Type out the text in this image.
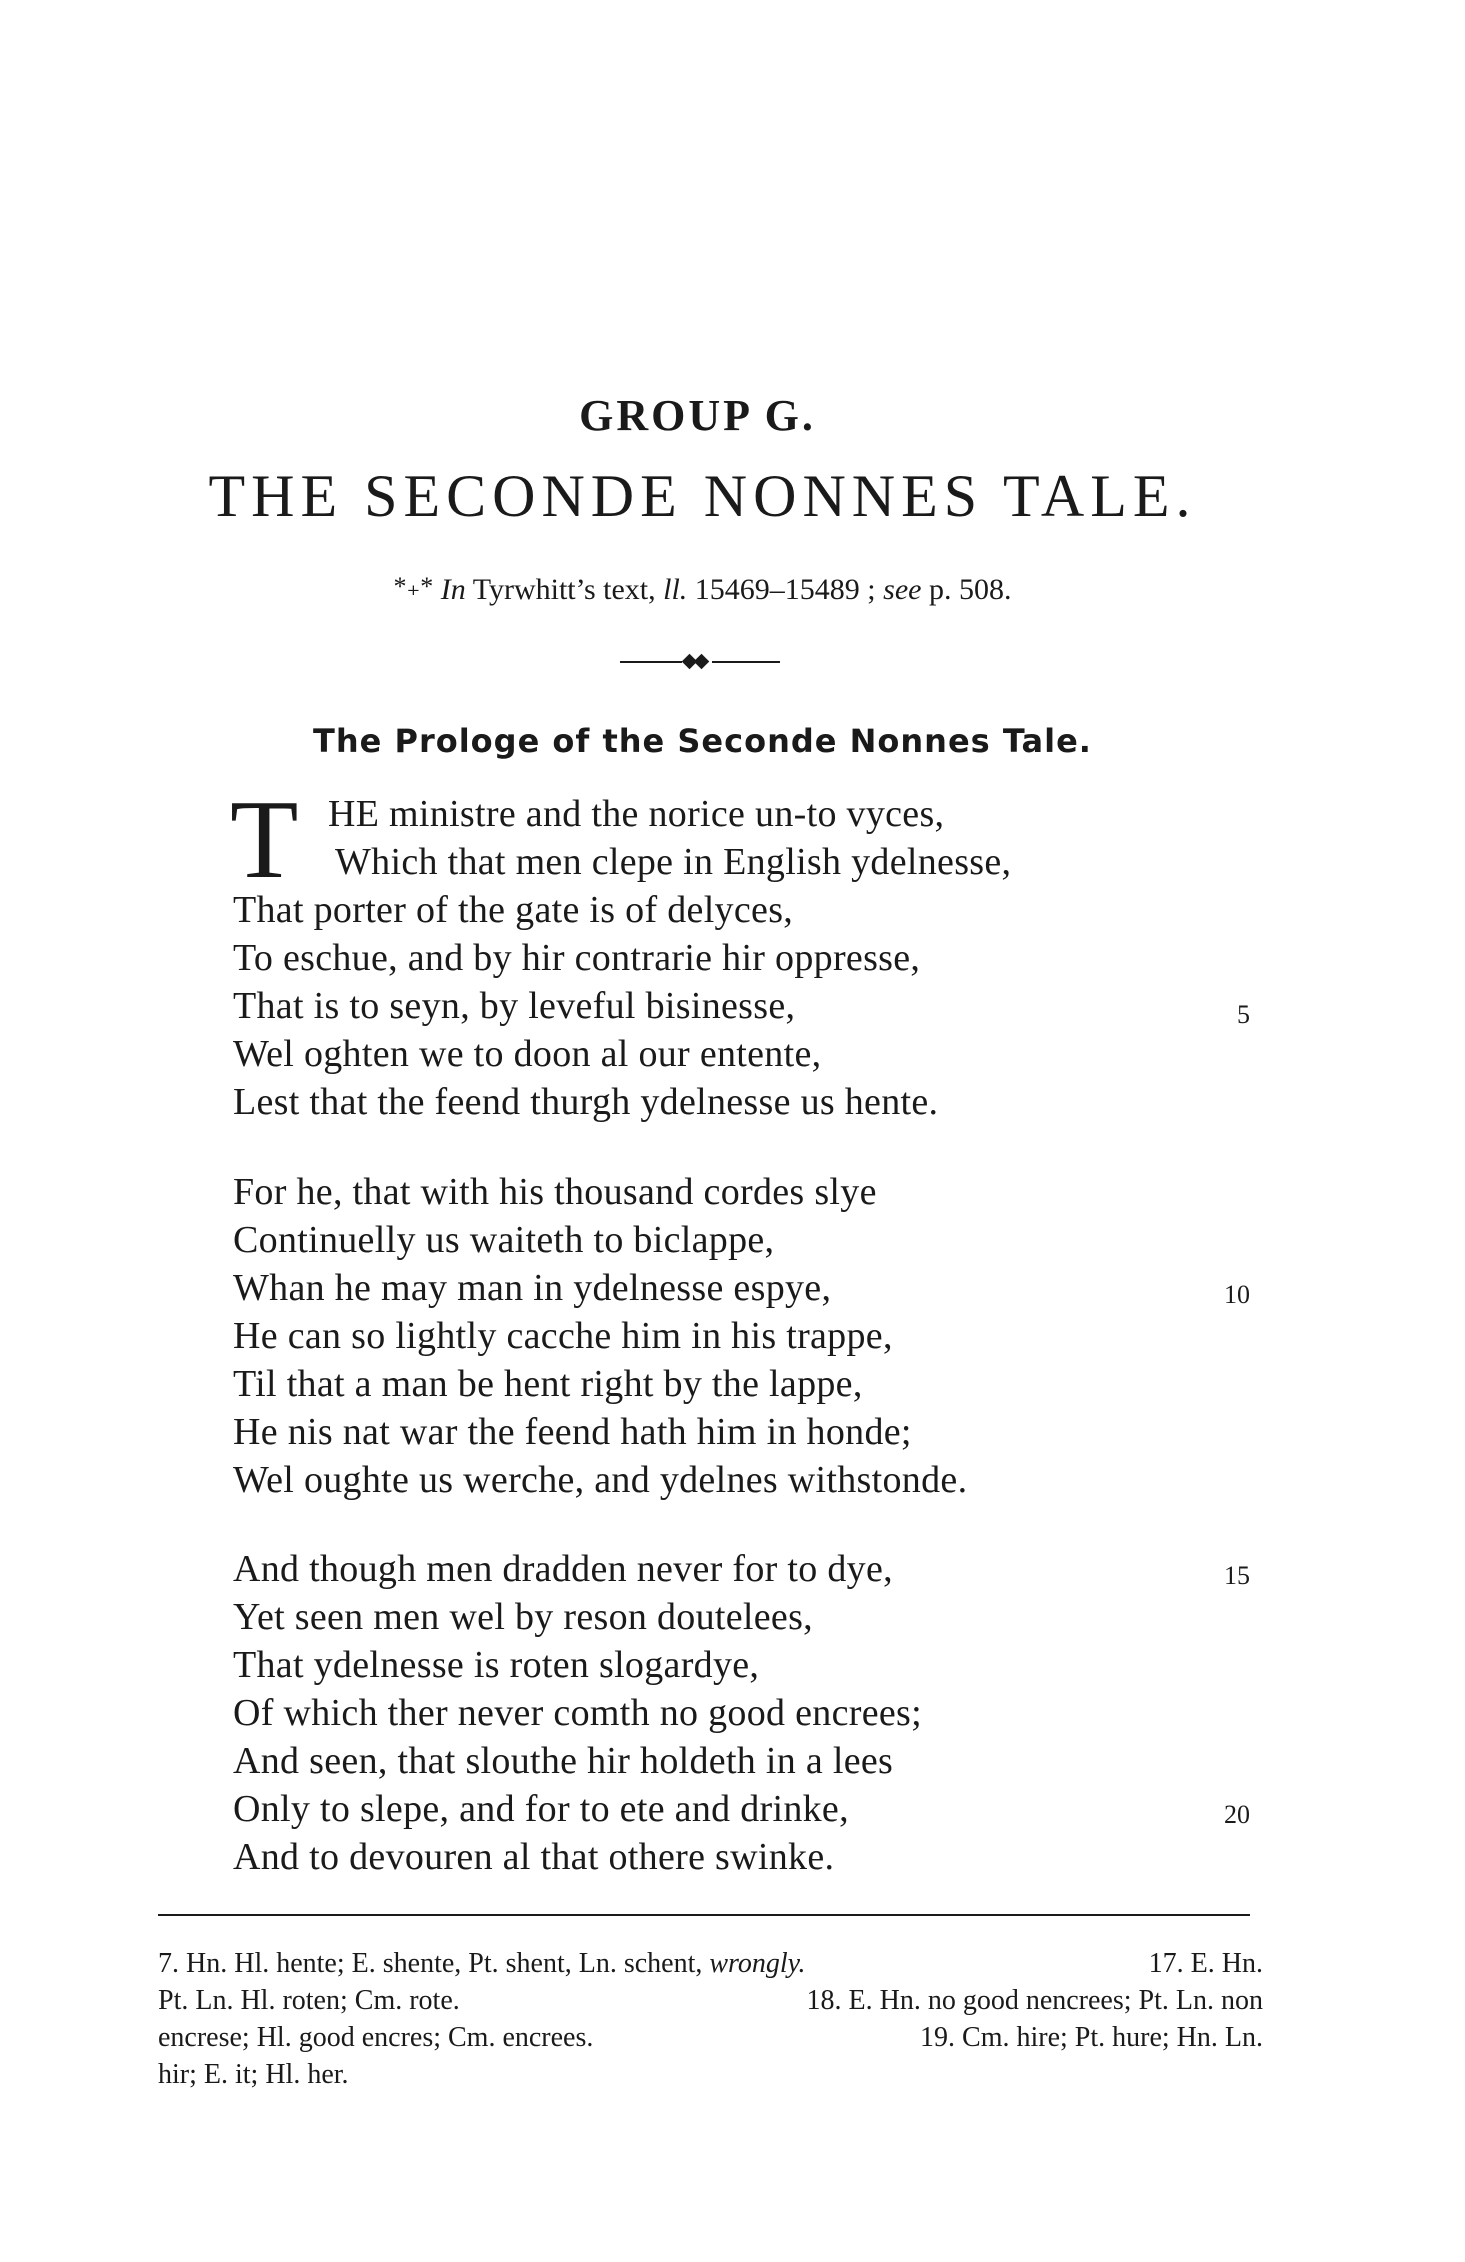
GROUP G.
THE SECONDE NONNES TALE.
*₊* In Tyrwhitt’s text, ll. 15469–15489 ; see p. 508.
The Prologe of the Seconde Nonnes Tale.
T HE ministre and the norice un-to vyces,
Which that men clepe in English ydelnesse,
That porter of the gate is of delyces,
To eschue, and by hir contrarie hir oppresse,
That is to seyn, by leveful bisinesse,
Wel oghten we to doon al our entente,
Lest that the feend thurgh ydelnesse us hente.
For he, that with his thousand cordes slye
Continuelly us waiteth to biclappe,
Whan he may man in ydelnesse espye,
He can so lightly cacche him in his trappe,
Til that a man be hent right by the lappe,
He nis nat war the feend hath him in honde;
Wel oughte us werche, and ydelnes withstonde.
And though men dradden never for to dye,
Yet seen men wel by reson doutelees,
That ydelnesse is roten slogardye,
Of which ther never comth no good encrees;
And seen, that slouthe hir holdeth in a lees
Only to slepe, and for to ete and drinke,
And to devouren al that othere swinke.
5
10
15
20
7. Hn. Hl. hente; E. shente, Pt. shent, Ln. schent, wrongly.	17. E. Hn.
Pt. Ln. Hl. roten; Cm. rote.	18. E. Hn. no good nencrees; Pt. Ln. non
encrese; Hl. good encres; Cm. encrees.	19. Cm. hire; Pt. hure; Hn. Ln.
hir; E. it; Hl. her.
